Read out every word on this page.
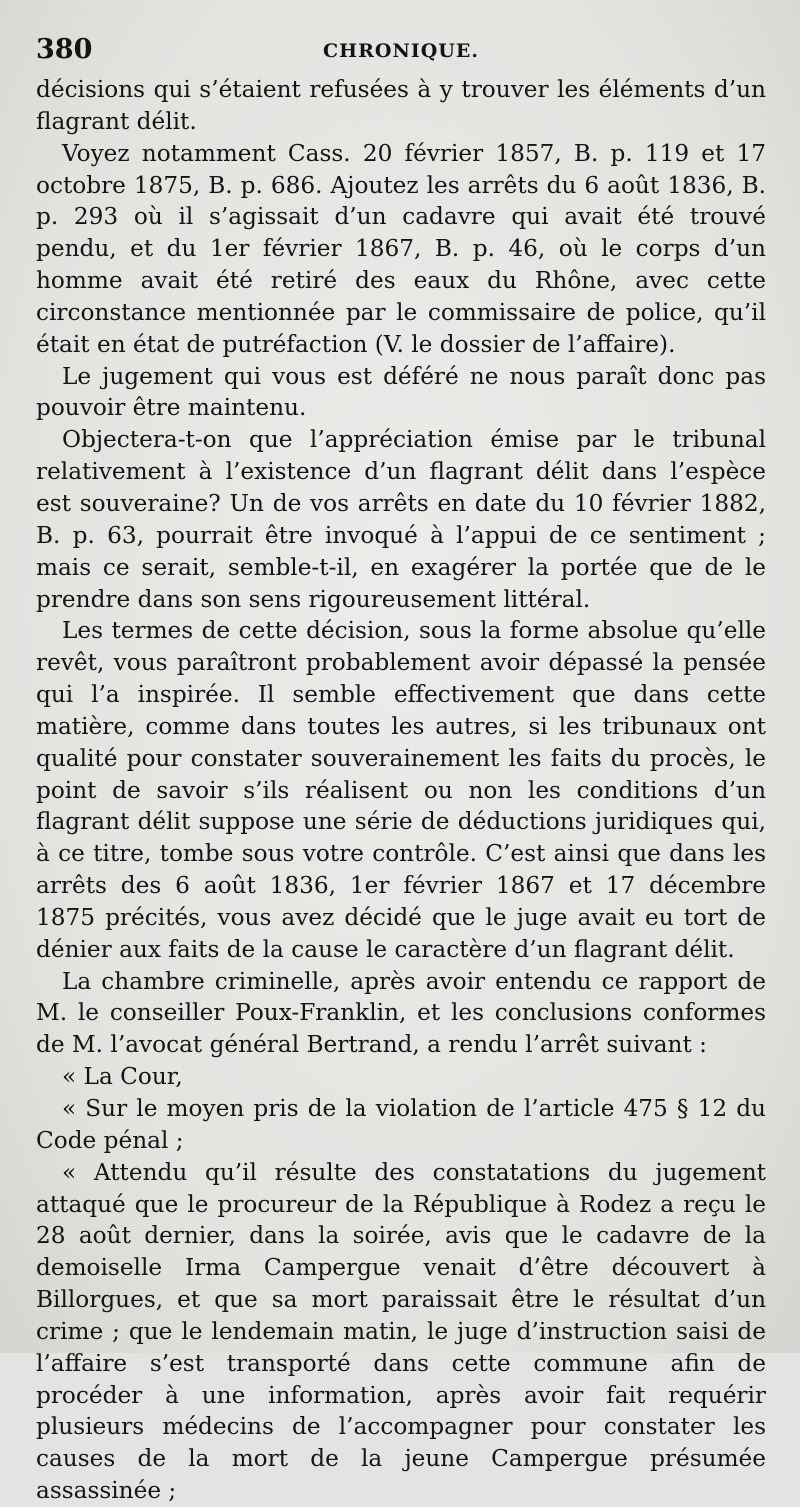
380	CHRONIQUE.

décisions qui s’étaient refusées à y trouver les éléments d’un flagrant délit.

Voyez notamment Cass. 20 février 1857, B. p. 119 et 17 octobre 1875, B. p. 686. Ajoutez les arrêts du 6 août 1836, B. p. 293 où il s’agissait d’un cadavre qui avait été trouvé pendu, et du 1er février 1867, B. p. 46, où le corps d’un homme avait été retiré des eaux du Rhône, avec cette circonstance mentionnée par le commissaire de police, qu’il était en état de putréfaction (V. le dossier de l’affaire).

Le jugement qui vous est déféré ne nous paraît donc pas pouvoir être maintenu.

Objectera-t-on que l’appréciation émise par le tribunal relativement à l’existence d’un flagrant délit dans l’espèce est souveraine? Un de vos arrêts en date du 10 février 1882, B. p. 63, pourrait être invoqué à l’appui de ce sentiment ; mais ce serait, semble-t-il, en exagérer la portée que de le prendre dans son sens rigoureusement littéral.

Les termes de cette décision, sous la forme absolue qu’elle revêt, vous paraîtront probablement avoir dépassé la pensée qui l’a inspirée. Il semble effectivement que dans cette matière, comme dans toutes les autres, si les tribunaux ont qualité pour constater souverainement les faits du procès, le point de savoir s’ils réalisent ou non les conditions d’un flagrant délit suppose une série de déductions juridiques qui, à ce titre, tombe sous votre contrôle. C’est ainsi que dans les arrêts des 6 août 1836, 1er février 1867 et 17 décembre 1875 précités, vous avez décidé que le juge avait eu tort de dénier aux faits de la cause le caractère d’un flagrant délit.

La chambre criminelle, après avoir entendu ce rapport de M. le conseiller Poux-Franklin, et les conclusions conformes de M. l’avocat général Bertrand, a rendu l’arrêt suivant :

« La Cour,

« Sur le moyen pris de la violation de l’article 475 § 12 du Code pénal ;

« Attendu qu’il résulte des constatations du jugement attaqué que le procureur de la République à Rodez a reçu le 28 août dernier, dans la soirée, avis que le cadavre de la demoiselle Irma Campergue venait d’être découvert à Billorgues, et que sa mort paraissait être le résultat d’un crime ; que le lendemain matin, le juge d’instruction saisi de l’affaire s’est transporté dans cette commune afin de procéder à une information, après avoir fait requérir plusieurs médecins de l’accompagner pour constater les causes de la mort de la jeune Campergue présumée assassinée ;
